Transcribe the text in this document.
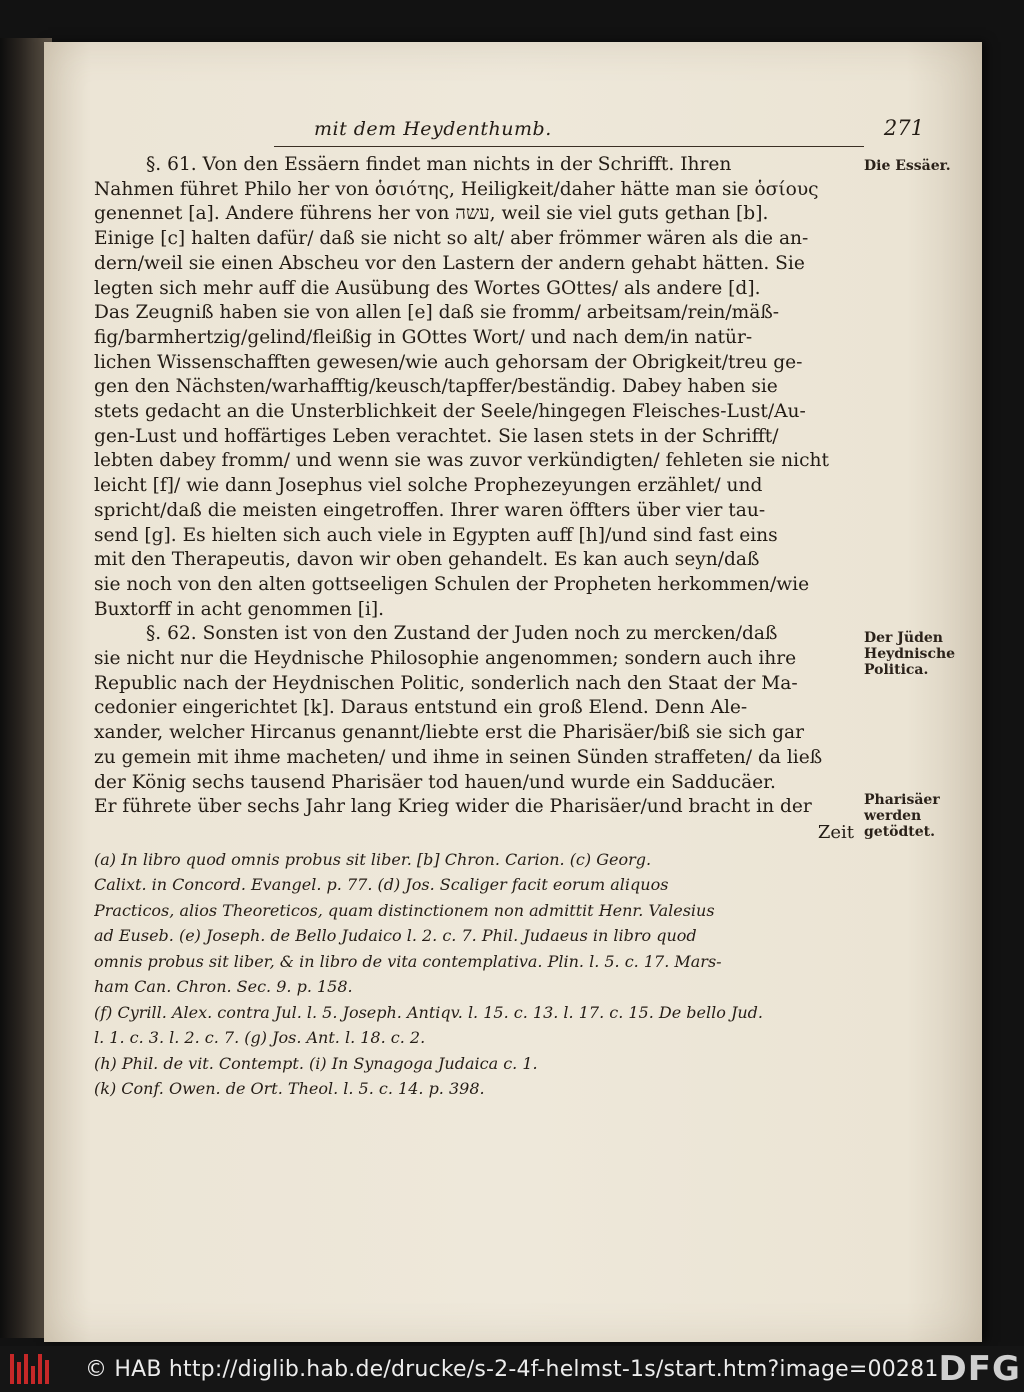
mit dem Heydenthumb.	271
Die Essäer.
Der Jüden Heydnische Politica.
Pharisäer werden getödtet.
§. 61. Von den Essäern findet man nichts in der Schrifft. Ihren
Nahmen führet Philo her von ὁσιότης, Heiligkeit/daher hätte man sie ὁσίους
genennet [a]. Andere führens her von עשה, weil sie viel guts gethan [b].
Einige [c] halten dafür/ daß sie nicht so alt/ aber frömmer wären als die an-
dern/weil sie einen Abscheu vor den Lastern der andern gehabt hätten. Sie
legten sich mehr auff die Ausübung des Wortes GOttes/ als andere [d].
Das Zeugniß haben sie von allen [e] daß sie fromm/ arbeitsam/rein/mäß-
fig/barmhertzig/gelind/fleißig in GOttes Wort/ und nach dem/in natür-
lichen Wissenschafften gewesen/wie auch gehorsam der Obrigkeit/treu ge-
gen den Nächsten/warhafftig/keusch/tapffer/beständig. Dabey haben sie
stets gedacht an die Unsterblichkeit der Seele/hingegen Fleisches-Lust/Au-
gen-Lust und hoffärtiges Leben verachtet. Sie lasen stets in der Schrifft/
lebten dabey fromm/ und wenn sie was zuvor verkündigten/ fehleten sie nicht
leicht [f]/ wie dann Josephus viel solche Prophezeyungen erzählet/ und
spricht/daß die meisten eingetroffen. Ihrer waren öffters über vier tau-
send [g]. Es hielten sich auch viele in Egypten auff [h]/und sind fast eins
mit den Therapeutis, davon wir oben gehandelt. Es kan auch seyn/daß
sie noch von den alten gottseeligen Schulen der Propheten herkommen/wie
Buxtorff in acht genommen [i].
§. 62. Sonsten ist von den Zustand der Juden noch zu mercken/daß
sie nicht nur die Heydnische Philosophie angenommen; sondern auch ihre
Republic nach der Heydnischen Politic, sonderlich nach den Staat der Ma-
cedonier eingerichtet [k]. Daraus entstund ein groß Elend. Denn Ale-
xander, welcher Hircanus genannt/liebte erst die Pharisäer/biß sie sich gar
zu gemein mit ihme macheten/ und ihme in seinen Sünden straffeten/ da ließ
der König sechs tausend Pharisäer tod hauen/und wurde ein Sadducäer.
Er führete über sechs Jahr lang Krieg wider die Pharisäer/und bracht in der
Zeit
(a) In libro quod omnis probus sit liber. [b] Chron. Carion. (c) Georg.
Calixt. in Concord. Evangel. p. 77. (d) Jos. Scaliger facit eorum aliquos
Practicos, alios Theoreticos, quam distinctionem non admittit Henr. Valesius
ad Euseb. (e) Joseph. de Bello Judaico l. 2. c. 7. Phil. Judaeus in libro quod
omnis probus sit liber, & in libro de vita contemplativa. Plin. l. 5. c. 17. Mars-
ham Can. Chron. Sec. 9. p. 158.
(f) Cyrill. Alex. contra Jul. l. 5. Joseph. Antiqv. l. 15. c. 13. l. 17. c. 15. De bello Jud.
l. 1. c. 3. l. 2. c. 7. (g) Jos. Ant. l. 18. c. 2.
(h) Phil. de vit. Contempt. (i) In Synagoga Judaica c. 1.
(k) Conf. Owen. de Ort. Theol. l. 5. c. 14. p. 398.
© HAB http://diglib.hab.de/drucke/s-2-4f-helmst-1s/start.htm?image=00281 DFG
